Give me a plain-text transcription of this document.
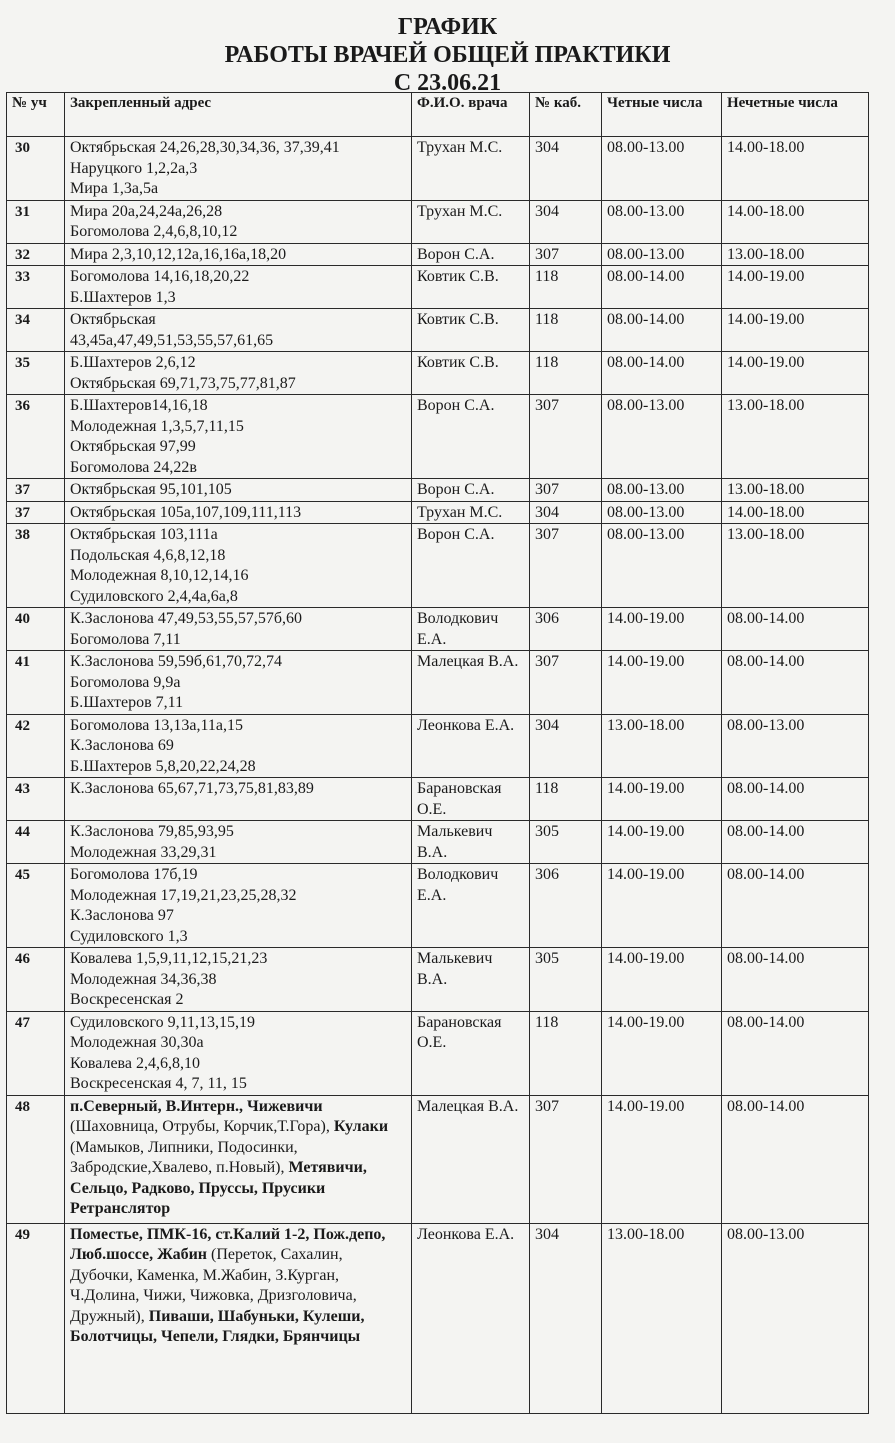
ГРАФИК
РАБОТЫ ВРАЧЕЙ ОБЩЕЙ ПРАКТИКИ
С 23.06.21
№ уч	Закрепленный адрес	Ф.И.О. врача	№ каб.	Четные числа	Нечетные числа
30	Октябрьская 24,26,28,30,34,36, 37,39,41
Наруцкого 1,2,2а,3
Мира 1,3а,5а	Трухан М.С.	304	08.00-13.00	14.00-18.00
31	Мира 20а,24,24а,26,28
Богомолова 2,4,6,8,10,12	Трухан М.С.	304	08.00-13.00	14.00-18.00
32	Мира 2,3,10,12,12а,16,16а,18,20	Ворон С.А.	307	08.00-13.00	13.00-18.00
33	Богомолова 14,16,18,20,22
Б.Шахтеров 1,3	Ковтик С.В.	118	08.00-14.00	14.00-19.00
34	Октябрьская
43,45а,47,49,51,53,55,57,61,65	Ковтик С.В.	118	08.00-14.00	14.00-19.00
35	Б.Шахтеров 2,6,12
Октябрьская 69,71,73,75,77,81,87	Ковтик С.В.	118	08.00-14.00	14.00-19.00
36	Б.Шахтеров14,16,18
Молодежная 1,3,5,7,11,15
Октябрьская 97,99
Богомолова 24,22в	Ворон С.А.	307	08.00-13.00	13.00-18.00
37	Октябрьская 95,101,105	Ворон С.А.	307	08.00-13.00	13.00-18.00
37	Октябрьская 105а,107,109,111,113	Трухан М.С.	304	08.00-13.00	14.00-18.00
38	Октябрьская 103,111а
Подольская 4,6,8,12,18
Молодежная 8,10,12,14,16
Судиловского 2,4,4а,6а,8	Ворон С.А.	307	08.00-13.00	13.00-18.00
40	К.Заслонова 47,49,53,55,57,57б,60
Богомолова 7,11	Володкович Е.А.	306	14.00-19.00	08.00-14.00
41	К.Заслонова 59,59б,61,70,72,74
Богомолова 9,9а
Б.Шахтеров 7,11	Малецкая В.А.	307	14.00-19.00	08.00-14.00
42	Богомолова 13,13а,11а,15
К.Заслонова 69
Б.Шахтеров 5,8,20,22,24,28	Леонкова Е.А.	304	13.00-18.00	08.00-13.00
43	К.Заслонова 65,67,71,73,75,81,83,89	Барановская О.Е.	118	14.00-19.00	08.00-14.00
44	К.Заслонова 79,85,93,95
Молодежная 33,29,31	Малькевич В.А.	305	14.00-19.00	08.00-14.00
45	Богомолова 17б,19
Молодежная 17,19,21,23,25,28,32
К.Заслонова 97
Судиловского 1,3	Володкович Е.А.	306	14.00-19.00	08.00-14.00
46	Ковалева 1,5,9,11,12,15,21,23
Молодежная 34,36,38
Воскресенская 2	Малькевич В.А.	305	14.00-19.00	08.00-14.00
47	Судиловского 9,11,13,15,19
Молодежная 30,30а
Ковалева 2,4,6,8,10
Воскресенская 4, 7, 11, 15	Барановская О.Е.	118	14.00-19.00	08.00-14.00
48	п.Северный, В.Интерн., Чижевичи (Шаховница, Отрубы, Корчик,Т.Гора), Кулаки (Мамыков, Липники, Подосинки, Забродские,Хвалево, п.Новый), Метявичи, Сельцо, Радково, Пруссы, Прусики Ретранслятор	Малецкая В.А.	307	14.00-19.00	08.00-14.00
49	Поместье, ПМК-16, ст.Калий 1-2, Пож.депо, Люб.шоссе, Жабин (Переток, Сахалин, Дубочки, Каменка, М.Жабин, З.Курган, Ч.Долина, Чижи, Чижовка, Дризголовича, Дружный), Пиваши, Шабуньки, Кулеши, Болотчицы, Чепели, Глядки, Брянчицы	Леонкова Е.А.	304	13.00-18.00	08.00-13.00
